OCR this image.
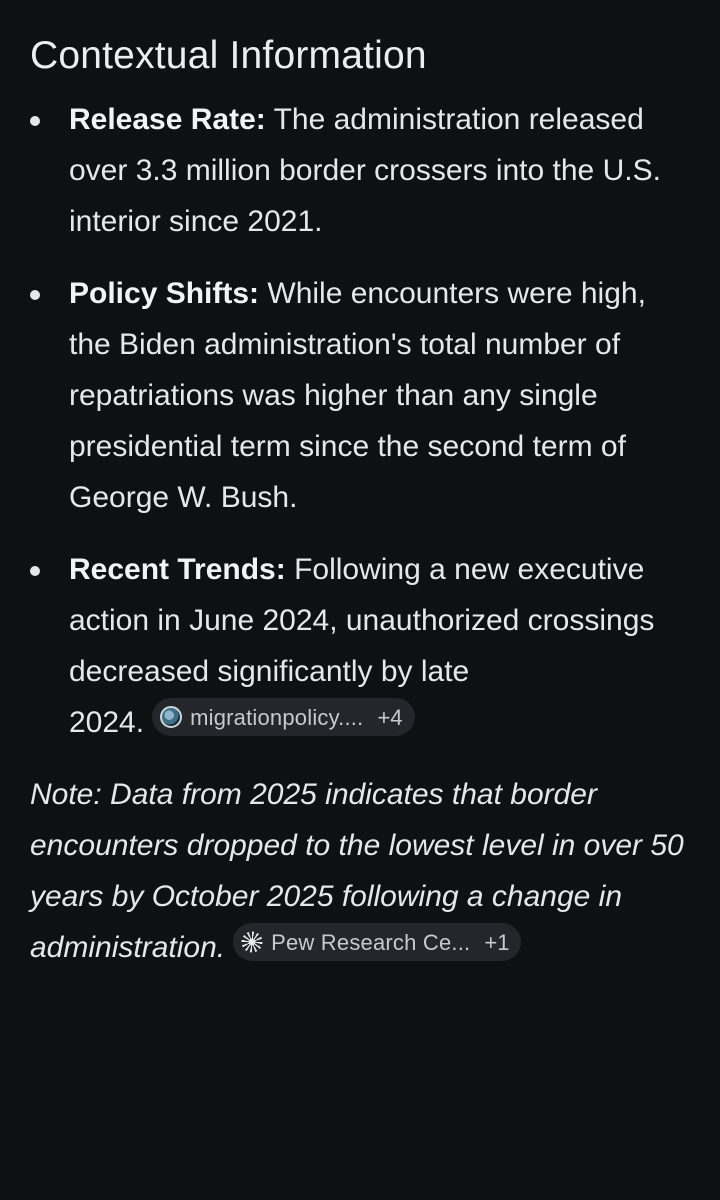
Contextual Information
Release Rate: The administration released over 3.3 million border crossers into the U.S. interior since 2021.
Policy Shifts: While encounters were high, the Biden administration's total number of repatriations was higher than any single presidential term since the second term of George W. Bush.
Recent Trends: Following a new executive action in June 2024, unauthorized crossings decreased significantly by late
2024. migrationpolicy.... +4
Note: Data from 2025 indicates that border encounters dropped to the lowest level in over 50 years by October 2025 following a change in
administration. Pew Research Ce... +1
